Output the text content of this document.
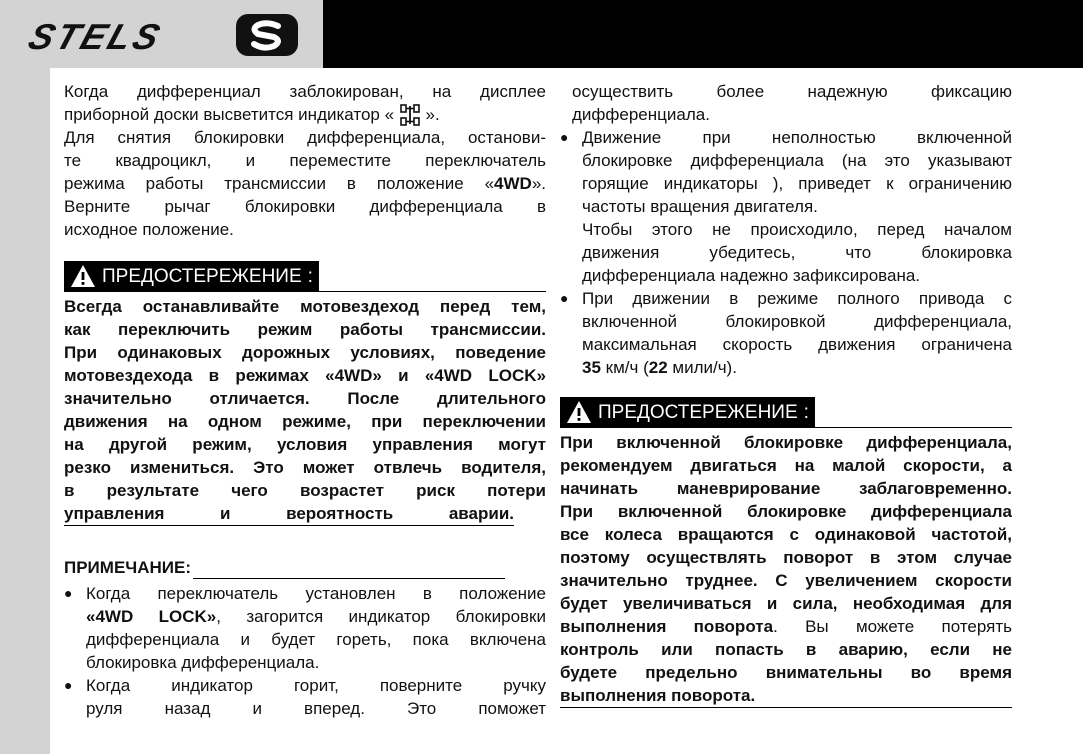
STELS

Когда дифференциал заблокирован, на дисплее

приборной доски высветится индикатор « ».

Для снятия блокировки дифференциала, останови-

те квадроцикл, и переместите переключатель

режима работы трансмиссии в положение «4WD».

Верните рычаг блокировки дифференциала в

исходное положение.

ПРЕДОСТЕРЕЖЕНИЕ :

Всегда останавливайте мотовездеход перед тем,

как переключить режим работы трансмиссии.

При одинаковых дорожных условиях, поведение

мотовездехода в режимах «4WD» и «4WD LOCK»

значительно отличается. После длительного

движения на одном режиме, при переключении

на другой режим, условия управления могут

резко измениться. Это может отвлечь водителя,

в результате чего возрастет риск потери

управления и вероятность аварии.

ПРИМЕЧАНИЕ:
● Когда переключатель установлен в положение

«4WD LOCK», загорится индикатор блокировки

дифференциала и будет гореть, пока включена

блокировка дифференциала.

● Когда индикатор горит, поверните ручку

руля назад и вперед. Это поможет

осуществить более надежную фиксацию

дифференциала.

● Движение при неполностью включенной

блокировке дифференциала (на это указывают

горящие индикаторы ), приведет к ограничению

частоты вращения двигателя.

Чтобы этого не происходило, перед началом

движения убедитесь, что блокировка

дифференциала надежно зафиксирована.

● При движении в режиме полного привода с

включенной блокировкой дифференциала,

максимальная скорость движения ограничена

35 км/ч (22 мили/ч).

ПРЕДОСТЕРЕЖЕНИЕ :

При включенной блокировке дифференциала,

рекомендуем двигаться на малой скорости, а

начинать маневрирование заблаговременно.

При включенной блокировке дифференциала

все колеса вращаются с одинаковой частотой,

поэтому осуществлять поворот в этом случае

значительно труднее. С увеличением скорости

будет увеличиваться и сила, необходимая для

выполнения поворота. Вы можете потерять

контроль или попасть в аварию, если не

будете предельно внимательны во время

выполнения поворота.
